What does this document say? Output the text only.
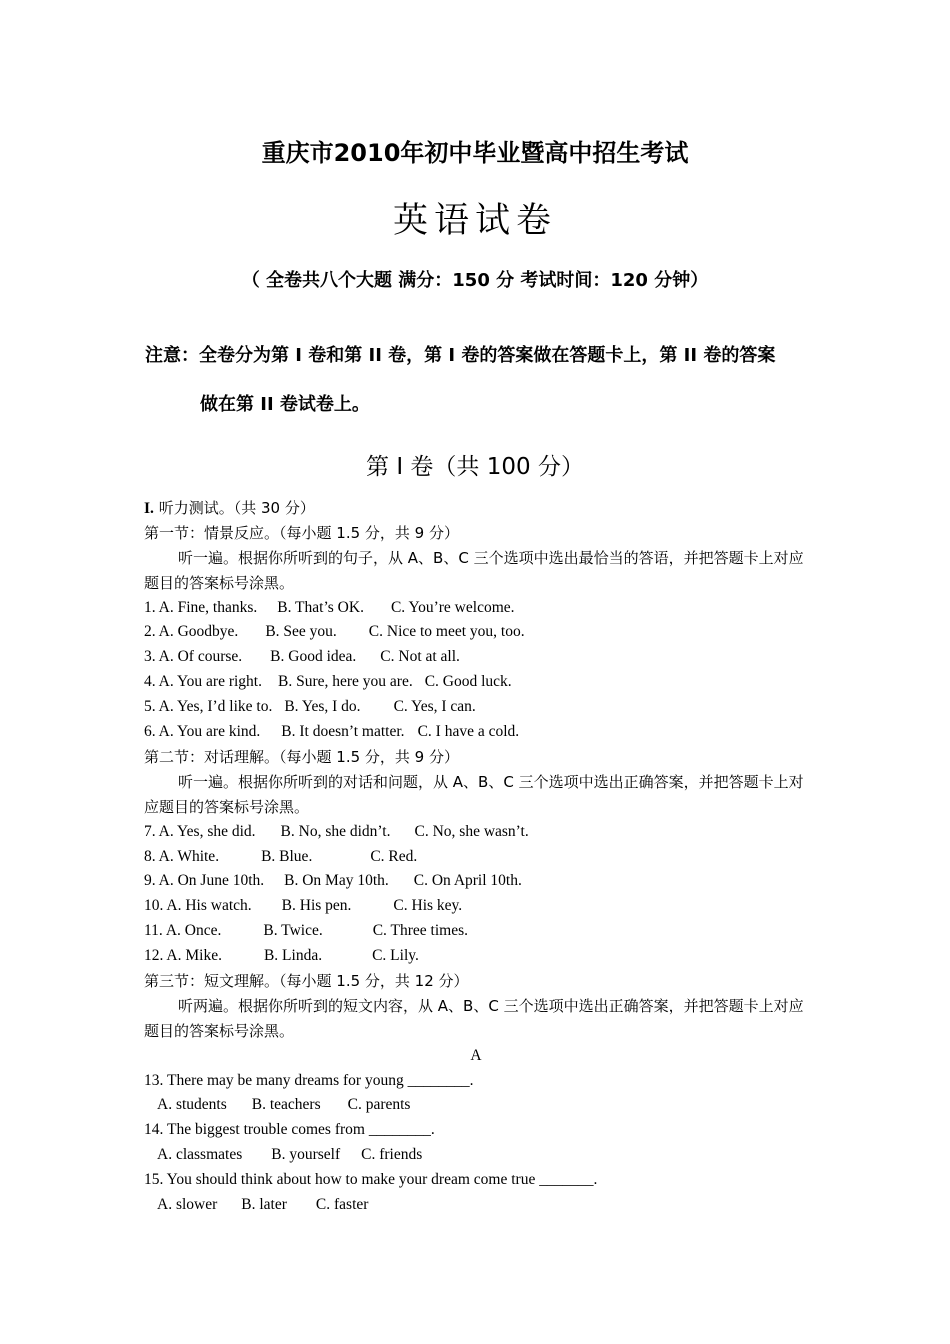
重庆市2010年初中毕业暨高中招生考试
英语试卷
（ 全卷共八个大题 满分：150 分 考试时间：120 分钟）
注意：全卷分为第 I 卷和第 II 卷，第 I 卷的答案做在答题卡上，第 II 卷的答案
做在第 II 卷试卷上。
第 I 卷（共 100 分）
I. 听力测试。（共 30 分）
第一节：情景反应。（每小题 1.5 分，共 9 分）
听一遍。根据你所听到的句子，从 A、B、C 三个选项中选出最恰当的答语，并把答题卡上对应题目的答案标号涂黑。
1. A. Fine, thanks. B. That’s OK. C. You’re welcome.
2. A. Goodbye. B. See you. C. Nice to meet you, too.
3. A. Of course. B. Good idea. C. Not at all.
4. A. You are right. B. Sure, here you are. C. Good luck.
5. A. Yes, I’d like to. B. Yes, I do. C. Yes, I can.
6. A. You are kind. B. It doesn’t matter. C. I have a cold.
第二节：对话理解。（每小题 1.5 分，共 9 分）
听一遍。根据你所听到的对话和问题，从 A、B、C 三个选项中选出正确答案，并把答题卡上对应题目的答案标号涂黑。
7. A. Yes, she did. B. No, she didn’t. C. No, she wasn’t.
8. A. White.	B. Blue.	C. Red.
9. A. On June 10th. B. On May 10th. C. On April 10th.
10. A. His watch. B. His pen.	C. His key.
11. A. Once.	B. Twice.	C. Three times.
12. A. Mike.	B. Linda.	C. Lily.
第三节：短文理解。（每小题 1.5 分，共 12 分）
听两遍。根据你所听到的短文内容，从 A、B、C 三个选项中选出正确答案，并把答题卡上对应题目的答案标号涂黑。
A
13. There may be many dreams for young ________.
A. students B. teachers C. parents
14. The biggest trouble comes from ________.
A. classmates B. yourself C. friends
15. You should think about how to make your dream come true _______.
A. slower B. later C. faster
